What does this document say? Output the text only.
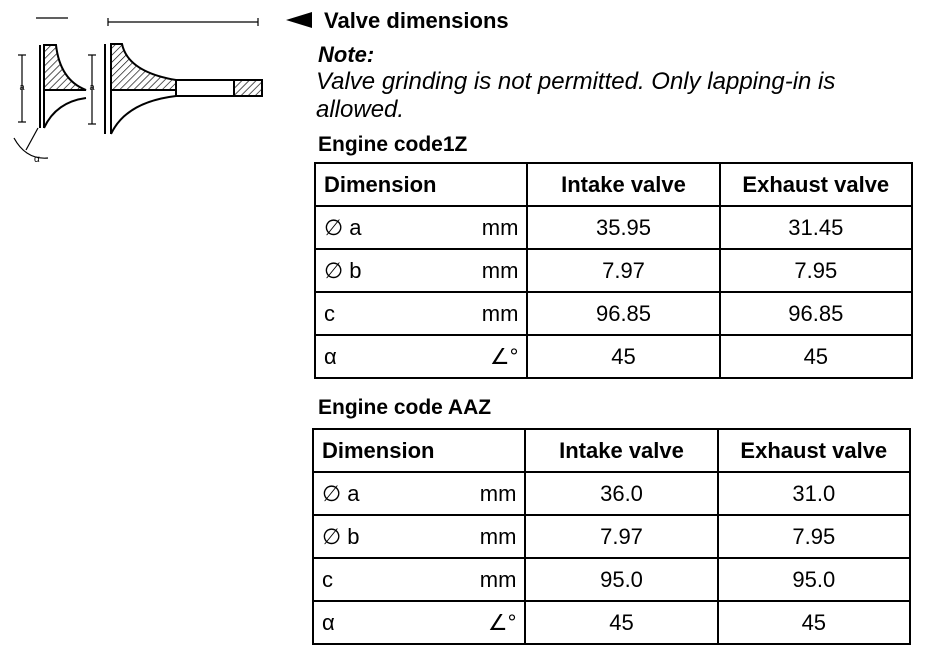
a
α
a
Valve dimensions
Note:
Valve grinding is not permitted. Only lapping-in is allowed.
Engine code1Z
Dimension	Intake valve	Exhaust valve

∅ a mm	35.95	31.45

∅ b mm	7.97	7.95

c mm	96.85	96.85

α ∠°	45	45
Engine code AAZ
Dimension	Intake valve	Exhaust valve

∅ a mm	36.0	31.0

∅ b mm	7.97	7.95

c mm	95.0	95.0

α ∠°	45	45
